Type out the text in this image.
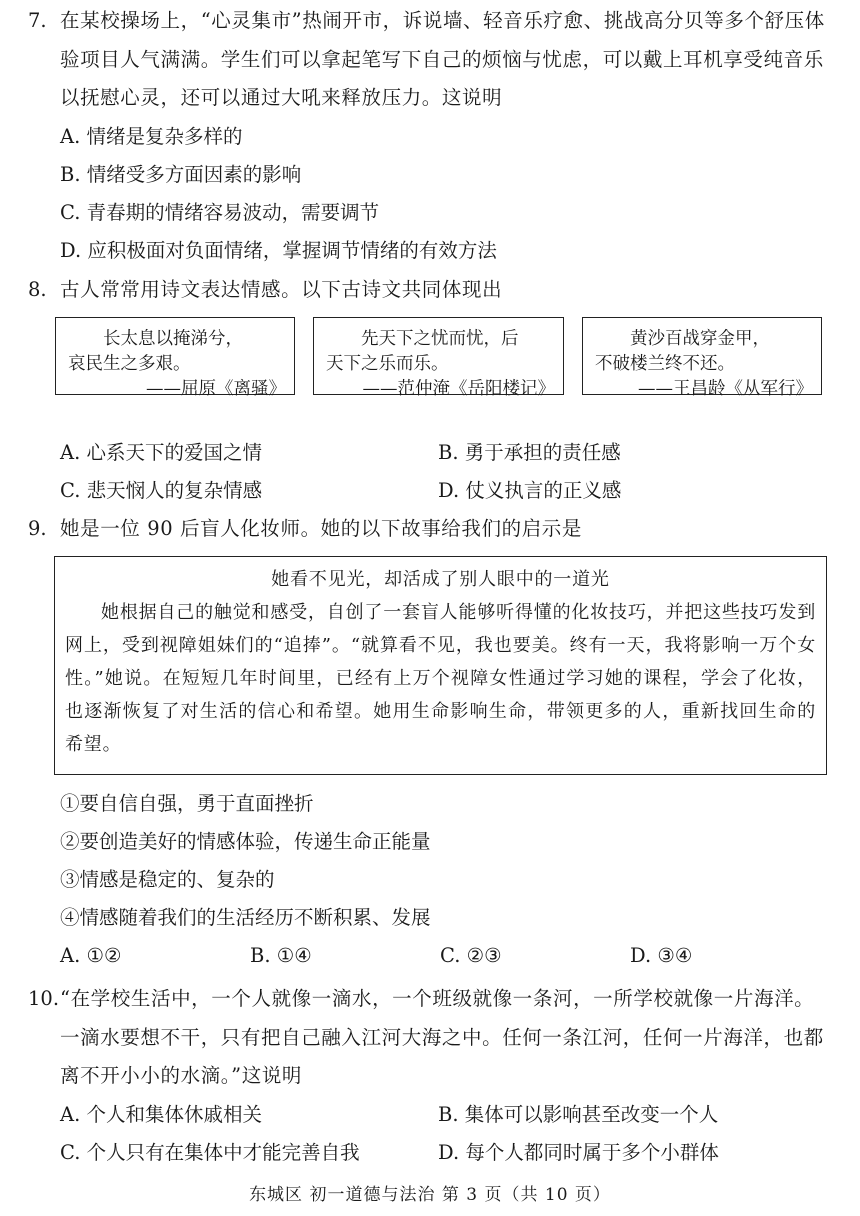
7. 在某校操场上，“心灵集市”热闹开市，诉说墙、轻音乐疗愈、挑战高分贝等多个舒压体验项目人气满满。学生们可以拿起笔写下自己的烦恼与忧虑，可以戴上耳机享受纯音乐以抚慰心灵，还可以通过大吼来释放压力。这说明
A. 情绪是复杂多样的
B. 情绪受多方面因素的影响
C. 青春期的情绪容易波动，需要调节
D. 应积极面对负面情绪，掌握调节情绪的有效方法
8. 古人常常用诗文表达情感。以下古诗文共同体现出
长太息以掩涕兮，
哀民生之多艰。
——屈原《离骚》
先天下之忧而忧，后
天下之乐而乐。
——范仲淹《岳阳楼记》
黄沙百战穿金甲，
不破楼兰终不还。
——王昌龄《从军行》
A. 心系天下的爱国之情	B. 勇于承担的责任感
C. 悲天悯人的复杂情感	D. 仗义执言的正义感
9. 她是一位 90 后盲人化妆师。她的以下故事给我们的启示是
她看不见光，却活成了别人眼中的一道光
她根据自己的触觉和感受，自创了一套盲人能够听得懂的化妆技巧，并把这些技巧发到网上，受到视障姐妹们的“追捧”。“就算看不见，我也要美。终有一天，我将影响一万个女性。”她说。在短短几年时间里，已经有上万个视障女性通过学习她的课程，学会了化妆，也逐渐恢复了对生活的信心和希望。她用生命影响生命，带领更多的人，重新找回生命的希望。
①要自信自强，勇于直面挫折
②要创造美好的情感体验，传递生命正能量
③情感是稳定的、复杂的
④情感随着我们的生活经历不断积累、发展
A. ①②	B. ①④	C. ②③	D. ③④
10. “在学校生活中，一个人就像一滴水，一个班级就像一条河，一所学校就像一片海洋。一滴水要想不干，只有把自己融入江河大海之中。任何一条江河，任何一片海洋，也都离不开小小的水滴。”这说明
A. 个人和集体休戚相关	B. 集体可以影响甚至改变一个人
C. 个人只有在集体中才能完善自我	D. 每个人都同时属于多个小群体
东城区 初一道德与法治 第 3 页（共 10 页）
